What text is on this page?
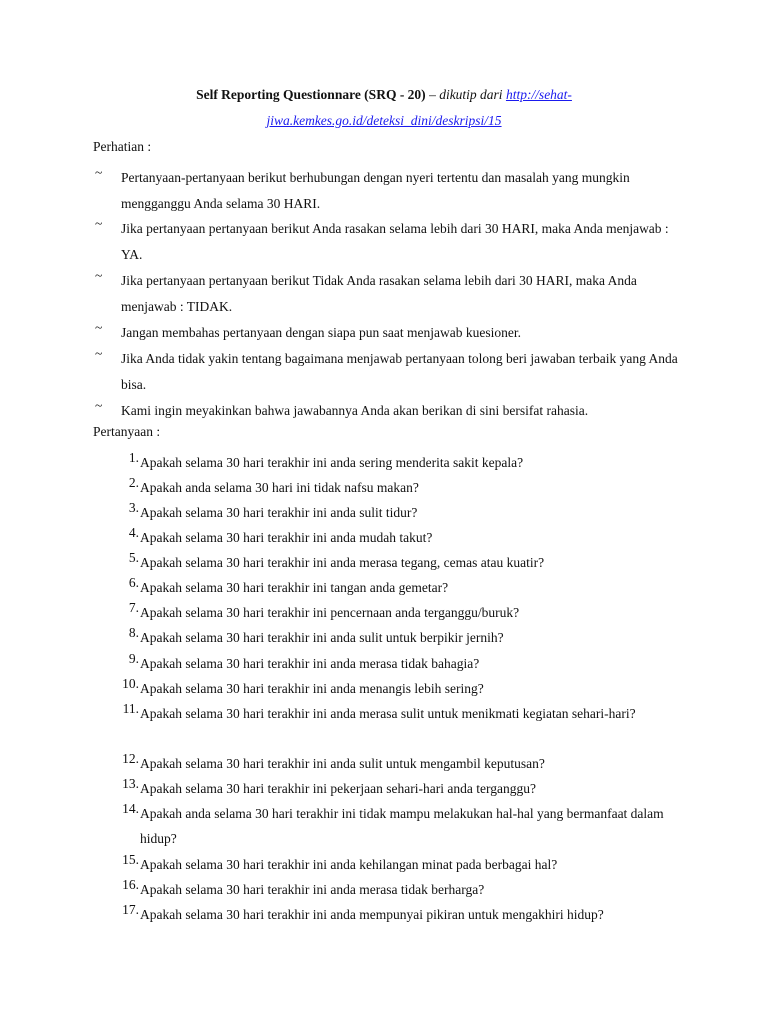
Self Reporting Questionnare (SRQ - 20) – dikutip dari http://sehat-
jiwa.kemkes.go.id/deteksi_dini/deskripsi/15
Perhatian :
~ Pertanyaan-pertanyaan berikut berhubungan dengan nyeri tertentu dan masalah yang mungkin mengganggu Anda selama 30 HARI.
~ Jika pertanyaan pertanyaan berikut Anda rasakan selama lebih dari 30 HARI, maka Anda menjawab : YA.
~ Jika pertanyaan pertanyaan berikut Tidak Anda rasakan selama lebih dari 30 HARI, maka Anda menjawab : TIDAK.
~ Jangan membahas pertanyaan dengan siapa pun saat menjawab kuesioner.
~ Jika Anda tidak yakin tentang bagaimana menjawab pertanyaan tolong beri jawaban terbaik yang Anda bisa.
~ Kami ingin meyakinkan bahwa jawabannya Anda akan berikan di sini bersifat rahasia.
Pertanyaan :
1. Apakah selama 30 hari terakhir ini anda sering menderita sakit kepala?
2. Apakah anda selama 30 hari ini tidak nafsu makan?
3. Apakah selama 30 hari terakhir ini anda sulit tidur?
4. Apakah selama 30 hari terakhir ini anda mudah takut?
5. Apakah selama 30 hari terakhir ini anda merasa tegang, cemas atau kuatir?
6. Apakah selama 30 hari terakhir ini tangan anda gemetar?
7. Apakah selama 30 hari terakhir ini pencernaan anda terganggu/buruk?
8. Apakah selama 30 hari terakhir ini anda sulit untuk berpikir jernih?
9. Apakah selama 30 hari terakhir ini anda merasa tidak bahagia?
10. Apakah selama 30 hari terakhir ini anda menangis lebih sering?
11. Apakah selama 30 hari terakhir ini anda merasa sulit untuk menikmati kegiatan sehari-hari?
12. Apakah selama 30 hari terakhir ini anda sulit untuk mengambil keputusan?
13. Apakah selama 30 hari terakhir ini pekerjaan sehari-hari anda terganggu?
14. Apakah anda selama 30 hari terakhir ini tidak mampu melakukan hal-hal yang bermanfaat dalam hidup?
15. Apakah selama 30 hari terakhir ini anda kehilangan minat pada berbagai hal?
16. Apakah selama 30 hari terakhir ini anda merasa tidak berharga?
17. Apakah selama 30 hari terakhir ini anda mempunyai pikiran untuk mengakhiri hidup?
